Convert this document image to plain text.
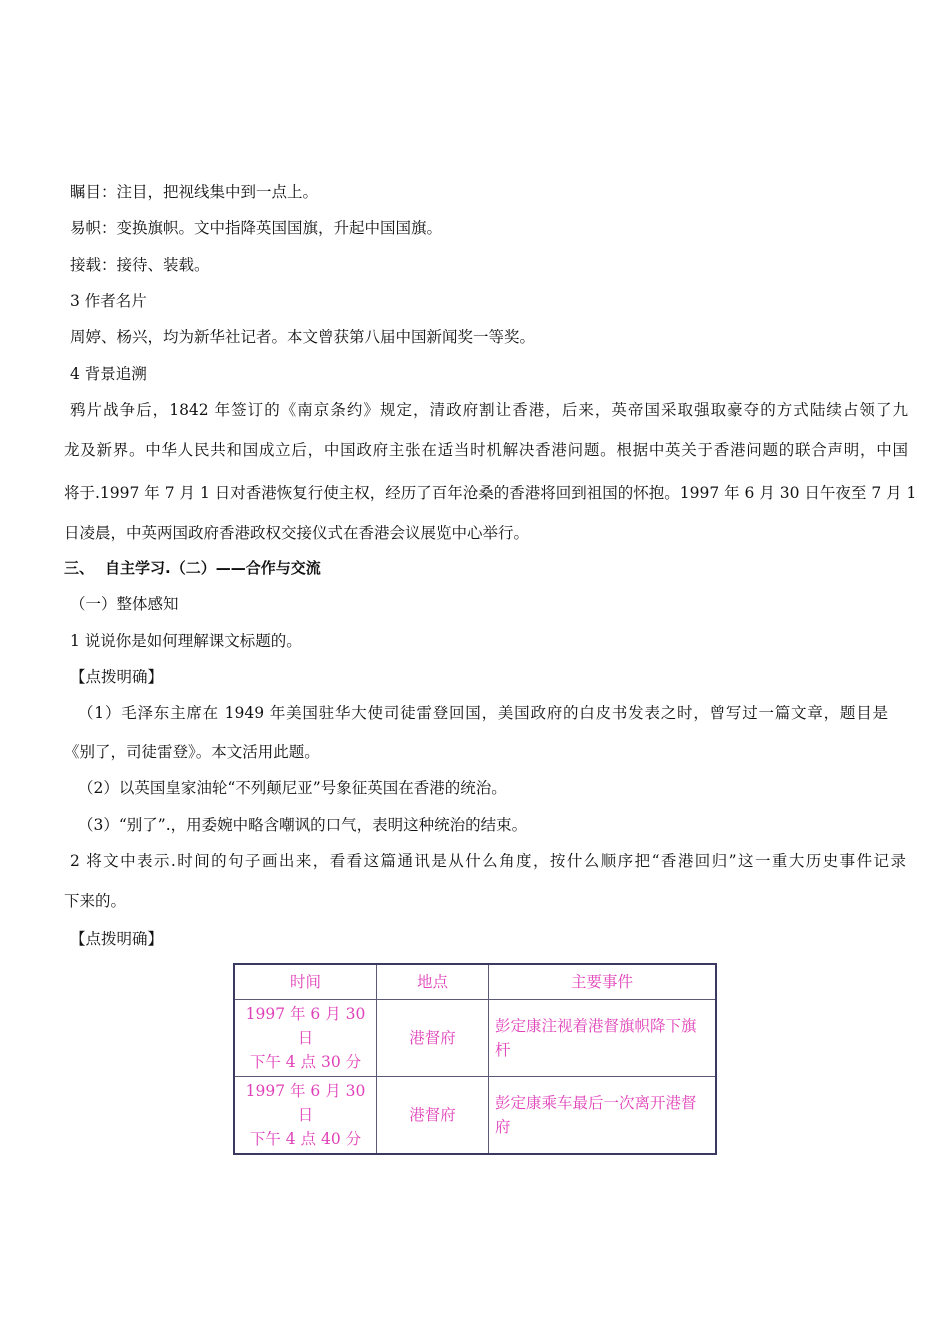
瞩目：注目，把视线集中到一点上。
易帜：变换旗帜。文中指降英国国旗，升起中国国旗。
接载：接待、装载。
3 作者名片
周婷、杨兴，均为新华社记者。本文曾获第八届中国新闻奖一等奖。
4 背景追溯
鸦片战争后，1842 年签订的《南京条约》规定，清政府割让香港，后来，英帝国采取强取豪夺的方式陆续占领了九
龙及新界。中华人民共和国成立后，中国政府主张在适当时机解决香港问题。根据中英关于香港问题的联合声明，中国
将于.1997 年 7 月 1 日对香港恢复行使主权，经历了百年沧桑的香港将回到祖国的怀抱。1997 年 6 月 30 日午夜至 7 月 1
日凌晨，中英两国政府香港政权交接仪式在香港会议展览中心举行。
三、 自主学习.（二）——合作与交流
（一）整体感知
1 说说你是如何理解课文标题的。
【点拨明确】
（1）毛泽东主席在 1949 年美国驻华大使司徒雷登回国，美国政府的白皮书发表之时，曾写过一篇文章，题目是
《别了，司徒雷登》。本文活用此题。
（2）以英国皇家油轮“不列颠尼亚”号象征英国在香港的统治。
（3）“别了”.，用委婉中略含嘲讽的口气，表明这种统治的结束。
2 将文中表示.时间的句子画出来，看看这篇通讯是从什么角度，按什么顺序把“香港回归”这一重大历史事件记录
下来的。
【点拨明确】
时间	地点	主要事件
1997 年 6 月 30 日
下午 4 点 30 分	港督府	彭定康注视着港督旗帜降下旗杆
1997 年 6 月 30 日
下午 4 点 40 分	港督府	彭定康乘车最后一次离开港督府
